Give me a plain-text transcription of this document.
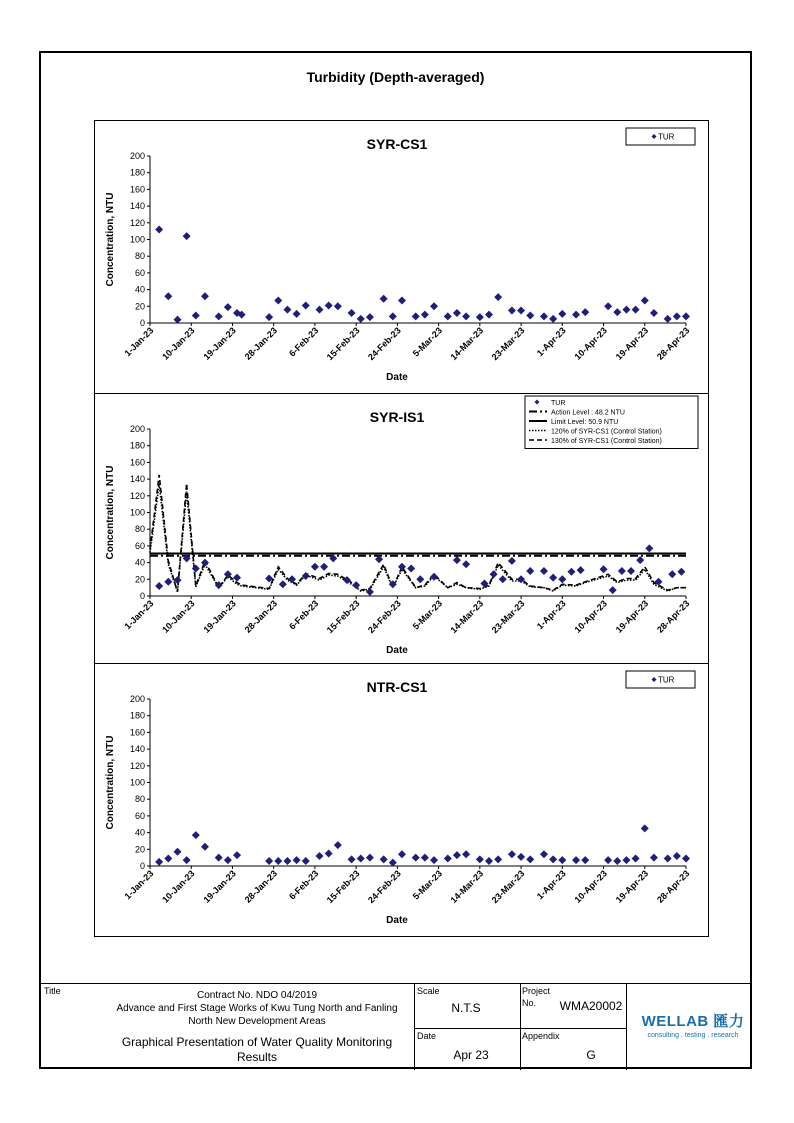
Turbidity (Depth-averaged)
SYR-CS1
0
20
40
60
80
100
120
140
160
180
200
1-Jan-23 10-Jan-23 19-Jan-23 28-Jan-23 6-Feb-23 15-Feb-23 24-Feb-23 5-Mar-23 14-Mar-23 23-Mar-23 1-Apr-23 10-Apr-23 19-Apr-23 28-Apr-23
Date
Concentration, NTU
TUR
SYR-IS1
0
20
40
60
80
100
120
140
160
180
200
1-Jan-23 10-Jan-23 19-Jan-23 28-Jan-23 6-Feb-23 15-Feb-23 24-Feb-23 5-Mar-23 14-Mar-23 23-Mar-23 1-Apr-23 10-Apr-23 19-Apr-23 28-Apr-23
Date
Concentration, NTU
TUR
Action Level : 48.2 NTU
Limit Level: 50.9 NTU
120% of SYR-CS1 (Control Station)
130% of SYR-CS1 (Control Station)
NTR-CS1
0
20
40
60
80
100
120
140
160
180
200
1-Jan-23 10-Jan-23 19-Jan-23 28-Jan-23 6-Feb-23 15-Feb-23 24-Feb-23 5-Mar-23 14-Mar-23 23-Mar-23 1-Apr-23 10-Apr-23 19-Apr-23 28-Apr-23
Date
Concentration, NTU
TUR
Title	Contract No. NDO 04/2019
Advance and First Stage Works of Kwu Tung North and Fanling
North New Development Areas
Graphical Presentation of Water Quality Monitoring
Results
Scale
N.T.S
Date
Apr 23
Project
No.	WMA20002
Appendix
G
WELLAB 匯力
consulting . testing . research
